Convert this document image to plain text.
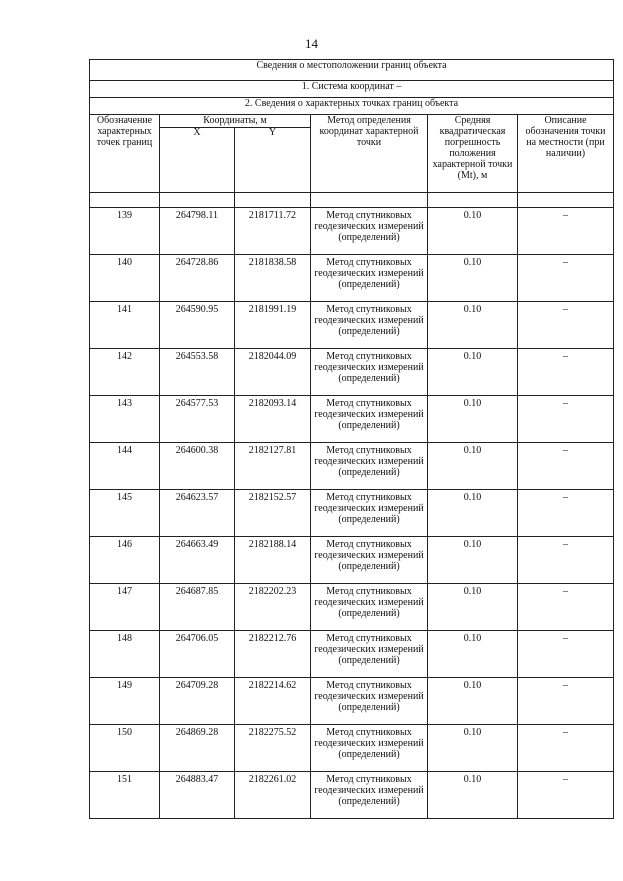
14
Сведения о местоположении границ объекта					
1. Система координат –					
2. Сведения о характерных точках границ объекта					
Обозначение характерных точек границ	Координаты, м		Метод определения координат характерной точки	Средняя квадратическая погрешность положения характерной точки (Mt), м	Описание обозначения точки на местности (при наличии)
	X	Y			

139	264798.11	2181711.72	Метод спутниковых геодезических измерений (определений)	0.10	–
140	264728.86	2181838.58	Метод спутниковых геодезических измерений (определений)	0.10	–
141	264590.95	2181991.19	Метод спутниковых геодезических измерений (определений)	0.10	–
142	264553.58	2182044.09	Метод спутниковых геодезических измерений (определений)	0.10	–
143	264577.53	2182093.14	Метод спутниковых геодезических измерений (определений)	0.10	–
144	264600.38	2182127.81	Метод спутниковых геодезических измерений (определений)	0.10	–
145	264623.57	2182152.57	Метод спутниковых геодезических измерений (определений)	0.10	–
146	264663.49	2182188.14	Метод спутниковых геодезических измерений (определений)	0.10	–
147	264687.85	2182202.23	Метод спутниковых геодезических измерений (определений)	0.10	–
148	264706.05	2182212.76	Метод спутниковых геодезических измерений (определений)	0.10	–
149	264709.28	2182214.62	Метод спутниковых геодезических измерений (определений)	0.10	–
150	264869.28	2182275.52	Метод спутниковых геодезических измерений (определений)	0.10	–
151	264883.47	2182261.02	Метод спутниковых геодезических измерений (определений)	0.10	–
